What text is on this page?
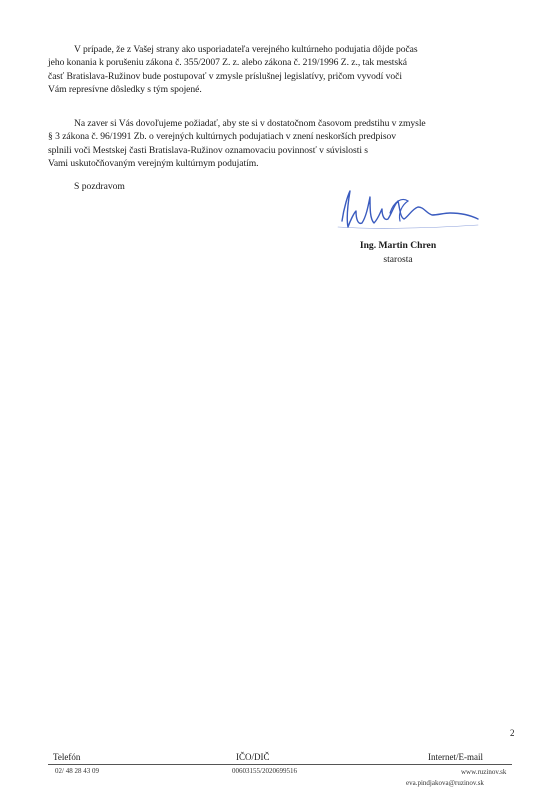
V prípade, že z Vašej strany ako usporiadateľa verejného kultúrneho podujatia dôjde počas
jeho konania k porušeniu zákona č. 355/2007 Z. z. alebo zákona č. 219/1996 Z. z., tak mestská
časť Bratislava-Ružinov bude postupovať v zmysle príslušnej legislatívy, pričom vyvodí voči
Vám represívne dôsledky s tým spojené.
Na zaver si Vás dovoľujeme požiadať, aby ste si v dostatočnom časovom predstihu v zmysle
§ 3 zákona č. 96/1991 Zb. o verejných kultúrnych podujatiach v znení neskorších predpisov
splnili voči Mestskej časti Bratislava-Ružinov oznamovaciu povinnosť v súvislosti s
Vami uskutočňovaným verejným kultúrnym podujatím.
S pozdravom
Ing. Martin Chren
starosta
2
Telefón	IČO/DIČ	Internet/E-mail
02/ 48 28 43 09	00603155/2020699516	www.ruzinov.sk
eva.pindjakova@ruzinov.sk
